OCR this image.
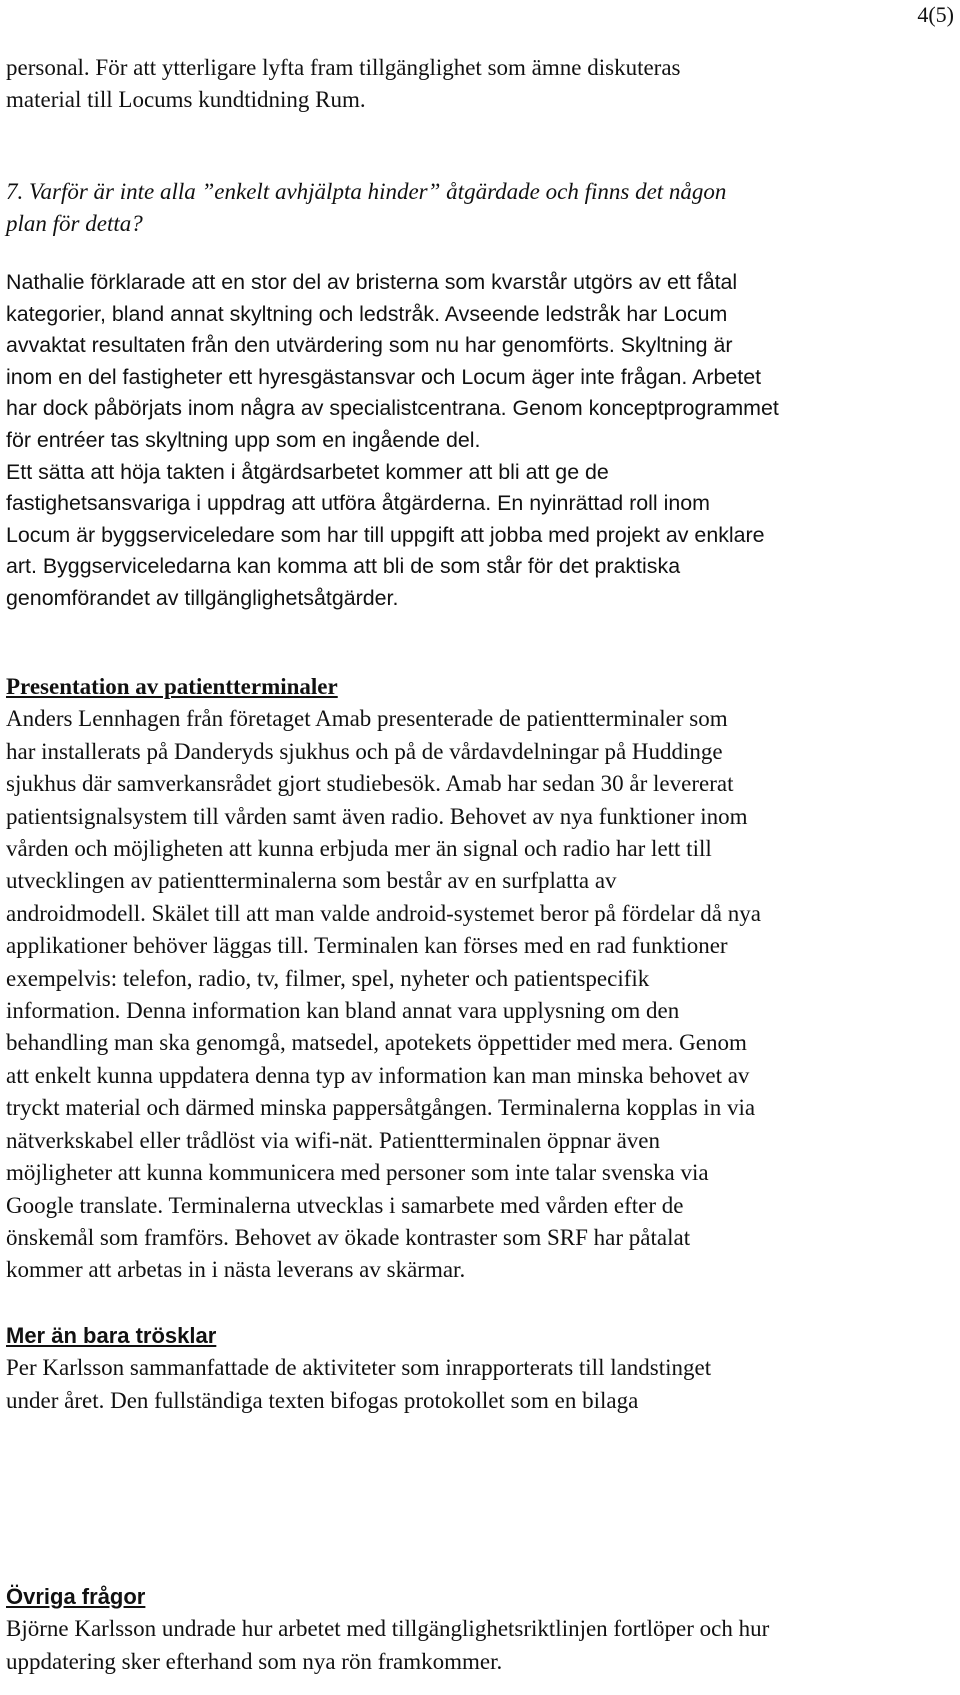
4(5)
personal. För att ytterligare lyfta fram tillgänglighet som ämne diskuteras
material till Locums kundtidning Rum.
7. Varför är inte alla ”enkelt avhjälpta hinder” åtgärdade och finns det någon
plan för detta?
Nathalie förklarade att en stor del av bristerna som kvarstår utgörs av ett fåtal
kategorier, bland annat skyltning och ledstråk. Avseende ledstråk har Locum
avvaktat resultaten från den utvärdering som nu har genomförts. Skyltning är
inom en del fastigheter ett hyresgästansvar och Locum äger inte frågan. Arbetet
har dock påbörjats inom några av specialistcentrana. Genom konceptprogrammet
för entréer tas skyltning upp som en ingående del.
Ett sätta att höja takten i åtgärdsarbetet kommer att bli att ge de
fastighetsansvariga i uppdrag att utföra åtgärderna. En nyinrättad roll inom
Locum är byggserviceledare som har till uppgift att jobba med projekt av enklare
art. Byggserviceledarna kan komma att bli de som står för det praktiska
genomförandet av tillgänglighetsåtgärder.
Presentation av patientterminaler
Anders Lennhagen från företaget Amab presenterade de patientterminaler som
har installerats på Danderyds sjukhus och på de vårdavdelningar på Huddinge
sjukhus där samverkansrådet gjort studiebesök. Amab har sedan 30 år levererat
patientsignalsystem till vården samt även radio. Behovet av nya funktioner inom
vården och möjligheten att kunna erbjuda mer än signal och radio har lett till
utvecklingen av patientterminalerna som består av en surfplatta av
androidmodell. Skälet till att man valde android-systemet beror på fördelar då nya
applikationer behöver läggas till. Terminalen kan förses med en rad funktioner
exempelvis: telefon, radio, tv, filmer, spel, nyheter och patientspecifik
information. Denna information kan bland annat vara upplysning om den
behandling man ska genomgå, matsedel, apotekets öppettider med mera. Genom
att enkelt kunna uppdatera denna typ av information kan man minska behovet av
tryckt material och därmed minska pappersåtgången. Terminalerna kopplas in via
nätverkskabel eller trådlöst via wifi-nät. Patientterminalen öppnar även
möjligheter att kunna kommunicera med personer som inte talar svenska via
Google translate. Terminalerna utvecklas i samarbete med vården efter de
önskemål som framförs. Behovet av ökade kontraster som SRF har påtalat
kommer att arbetas in i nästa leverans av skärmar.
Mer än bara trösklar
Per Karlsson sammanfattade de aktiviteter som inrapporterats till landstinget
under året. Den fullständiga texten bifogas protokollet som en bilaga
Övriga frågor
Björne Karlsson undrade hur arbetet med tillgänglighetsriktlinjen fortlöper och hur
uppdatering sker efterhand som nya rön framkommer.
